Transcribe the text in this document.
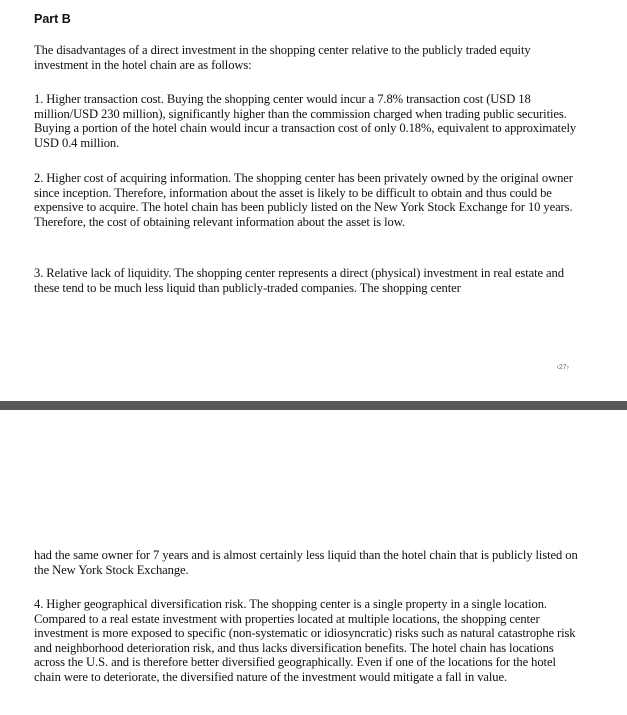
Part B

The disadvantages of a direct investment in the shopping center relative to the publicly traded equity investment in the hotel chain are as follows:

1. Higher transaction cost. Buying the shopping center would incur a 7.8% transaction cost (USD 18 million/USD 230 million), significantly higher than the commission charged when trading public securities. Buying a portion of the hotel chain would incur a transaction cost of only 0.18%, equivalent to approximately USD 0.4 million.

2. Higher cost of acquiring information. The shopping center has been privately owned by the original owner since inception. Therefore, information about the asset is likely to be difficult to obtain and thus could be expensive to acquire. The hotel chain has been publicly listed on the New York Stock Exchange for 10 years. Therefore, the cost of obtaining relevant information about the asset is low.

3. Relative lack of liquidity. The shopping center represents a direct (physical) investment in real estate and these tend to be much less liquid than publicly-traded companies. The shopping center

‹27›

had the same owner for 7 years and is almost certainly less liquid than the hotel chain that is publicly listed on the New York Stock Exchange.

4. Higher geographical diversification risk. The shopping center is a single property in a single location. Compared to a real estate investment with properties located at multiple locations, the shopping center investment is more exposed to specific (non-systematic or idiosyncratic) risks such as natural catastrophe risk and neighborhood deterioration risk, and thus lacks diversification benefits. The hotel chain has locations across the U.S. and is therefore better diversified geographically. Even if one of the locations for the hotel chain were to deteriorate, the diversified nature of the investment would mitigate a fall in value.
